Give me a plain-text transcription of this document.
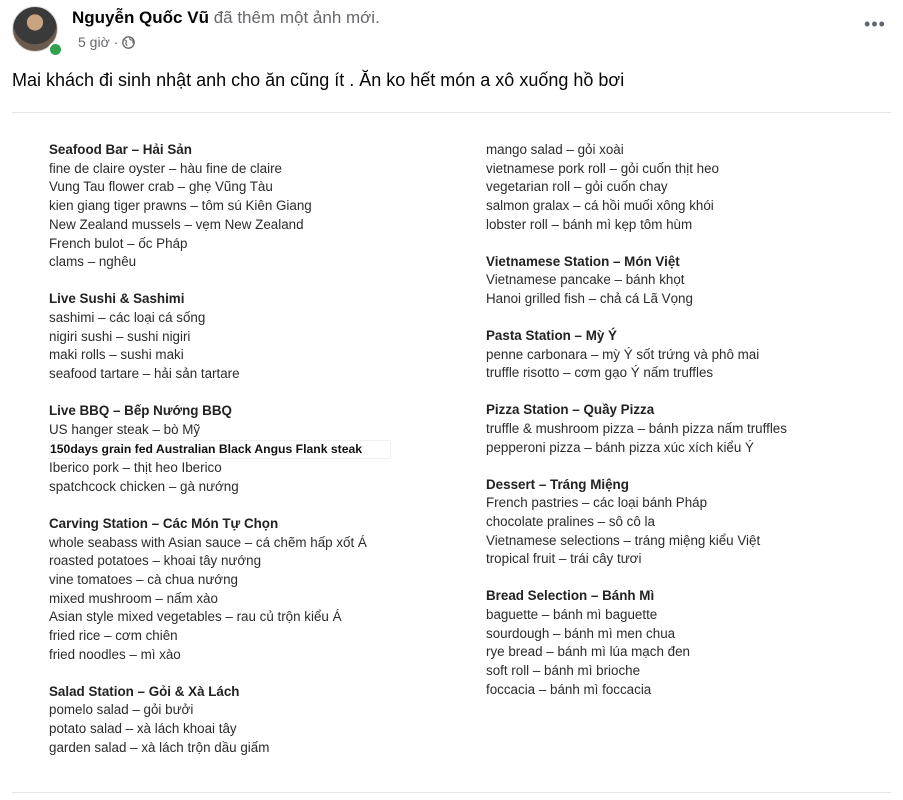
Nguyễn Quốc Vũ đã thêm một ảnh mới.
5 giờ ·
•••
Mai khách đi sinh nhật anh cho ăn cũng ít . Ăn ko hết món a xô xuống hồ bơi
Seafood Bar – Hải Sản
fine de claire oyster – hàu fine de claire
Vung Tau flower crab – ghẹ Vũng Tàu
kien giang tiger prawns – tôm sú Kiên Giang
New Zealand mussels – vẹm New Zealand
French bulot – ốc Pháp
clams – nghêu
Live Sushi & Sashimi
sashimi – các loại cá sống
nigiri sushi – sushi nigiri
maki rolls – sushi maki
seafood tartare – hải sản tartare
Live BBQ – Bếp Nướng BBQ
US hanger steak – bò Mỹ
150days grain fed Australian Black Angus Flank steak
Iberico pork – thịt heo Iberico
spatchcock chicken – gà nướng
Carving Station – Các Món Tự Chọn
whole seabass with Asian sauce – cá chẽm hấp xốt Á
roasted potatoes – khoai tây nướng
vine tomatoes – cà chua nướng
mixed mushroom – nấm xào
Asian style mixed vegetables – rau củ trộn kiểu Á
fried rice – cơm chiên
fried noodles – mì xào
Salad Station – Gỏi & Xà Lách
pomelo salad – gỏi bưởi
potato salad – xà lách khoai tây
garden salad – xà lách trộn dầu giấm
mango salad – gỏi xoài
vietnamese pork roll – gỏi cuốn thịt heo
vegetarian roll – gỏi cuốn chay
salmon gralax – cá hồi muối xông khói
lobster roll – bánh mì kẹp tôm hùm
Vietnamese Station – Món Việt
Vietnamese pancake – bánh khọt
Hanoi grilled fish – chả cá Lã Vọng
Pasta Station – Mỳ Ý
penne carbonara – mỳ Ý sốt trứng và phô mai
truffle risotto – cơm gạo Ý nấm truffles
Pizza Station – Quầy Pizza
truffle & mushroom pizza – bánh pizza nấm truffles
pepperoni pizza – bánh pizza xúc xích kiểu Ý
Dessert – Tráng Miệng
French pastries – các loại bánh Pháp
chocolate pralines – sô cô la
Vietnamese selections – tráng miệng kiểu Việt
tropical fruit – trái cây tươi
Bread Selection – Bánh Mì
baguette – bánh mì baguette
sourdough – bánh mì men chua
rye bread – bánh mì lúa mạch đen
soft roll – bánh mì brioche
foccacia – bánh mì foccacia
